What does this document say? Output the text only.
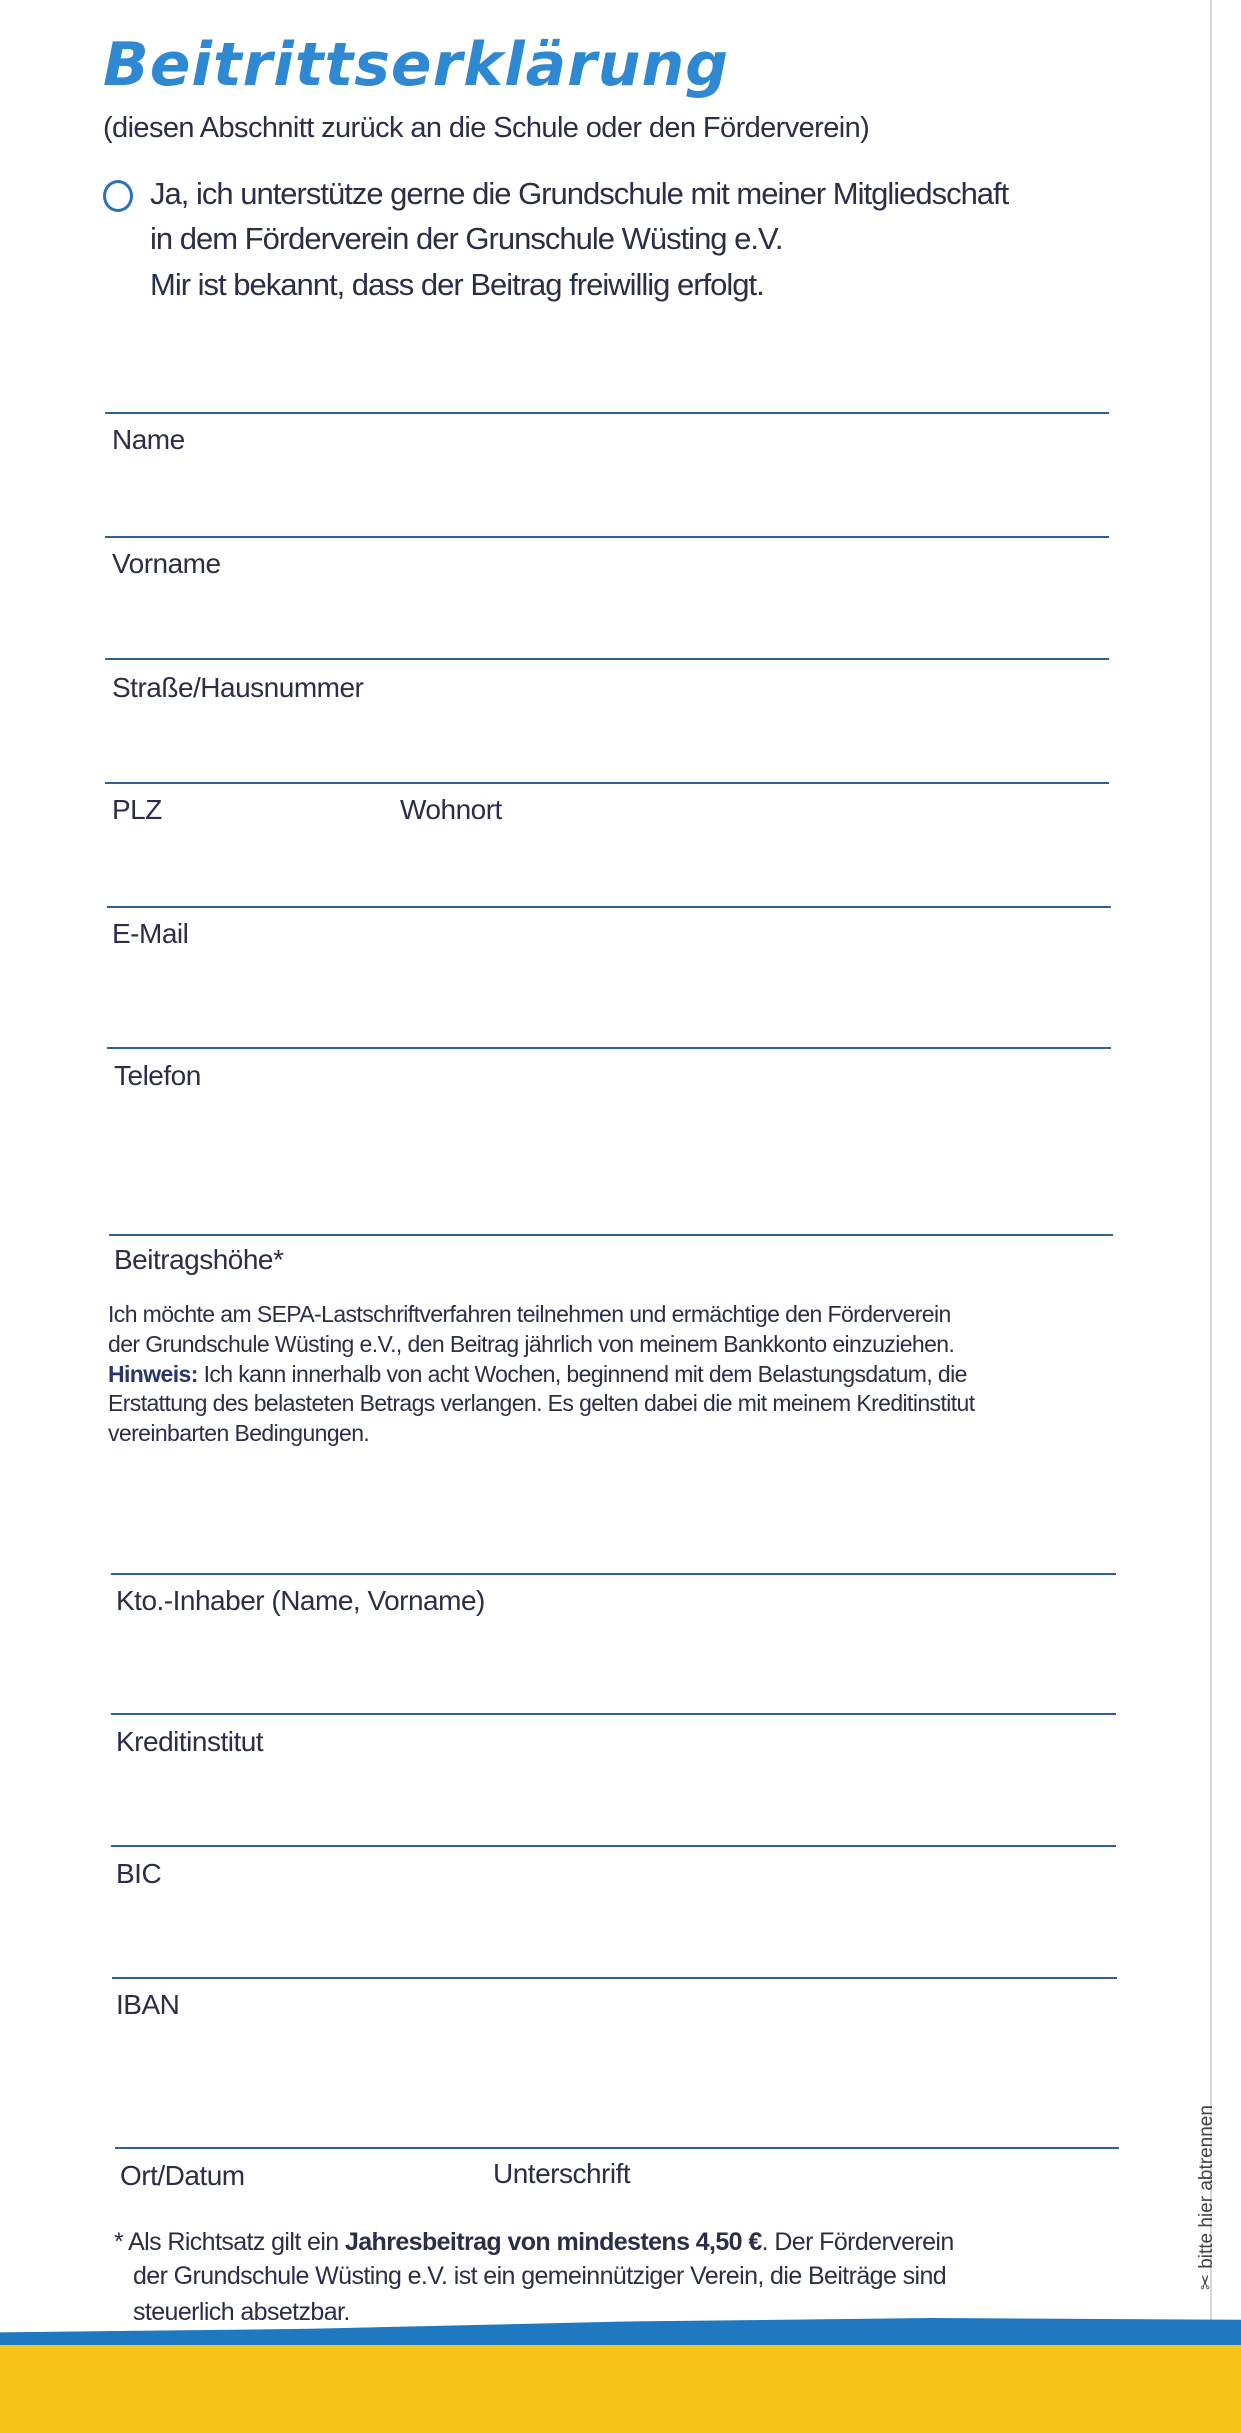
Beitrittserklärung
(diesen Abschnitt zurück an die Schule oder den Förderverein)
Ja, ich unterstütze gerne die Grundschule mit meiner Mitgliedschaft
in dem Förderverein der Grunschule Wüsting e.V.
Mir ist bekannt, dass der Beitrag freiwillig erfolgt.
Name
Vorname
Straße/Hausnummer
PLZ	Wohnort
E-Mail
Telefon
Beitragshöhe*
Ich möchte am SEPA-Lastschriftverfahren teilnehmen und ermächtige den Förderverein
der Grundschule Wüsting e.V., den Beitrag jährlich von meinem Bankkonto einzuziehen.
Hinweis: Ich kann innerhalb von acht Wochen, beginnend mit dem Belastungsdatum, die
Erstattung des belasteten Betrags verlangen. Es gelten dabei die mit meinem Kreditinstitut
vereinbarten Bedingungen.
Kto.-Inhaber (Name, Vorname)
Kreditinstitut
BIC
IBAN
Ort/Datum	Unterschrift
* Als Richtsatz gilt ein Jahresbeitrag von mindestens 4,50 €. Der Förderverein
der Grundschule Wüsting e.V. ist ein gemeinnütziger Verein, die Beiträge sind
steuerlich absetzbar.
✂ bitte hier abtrennen
